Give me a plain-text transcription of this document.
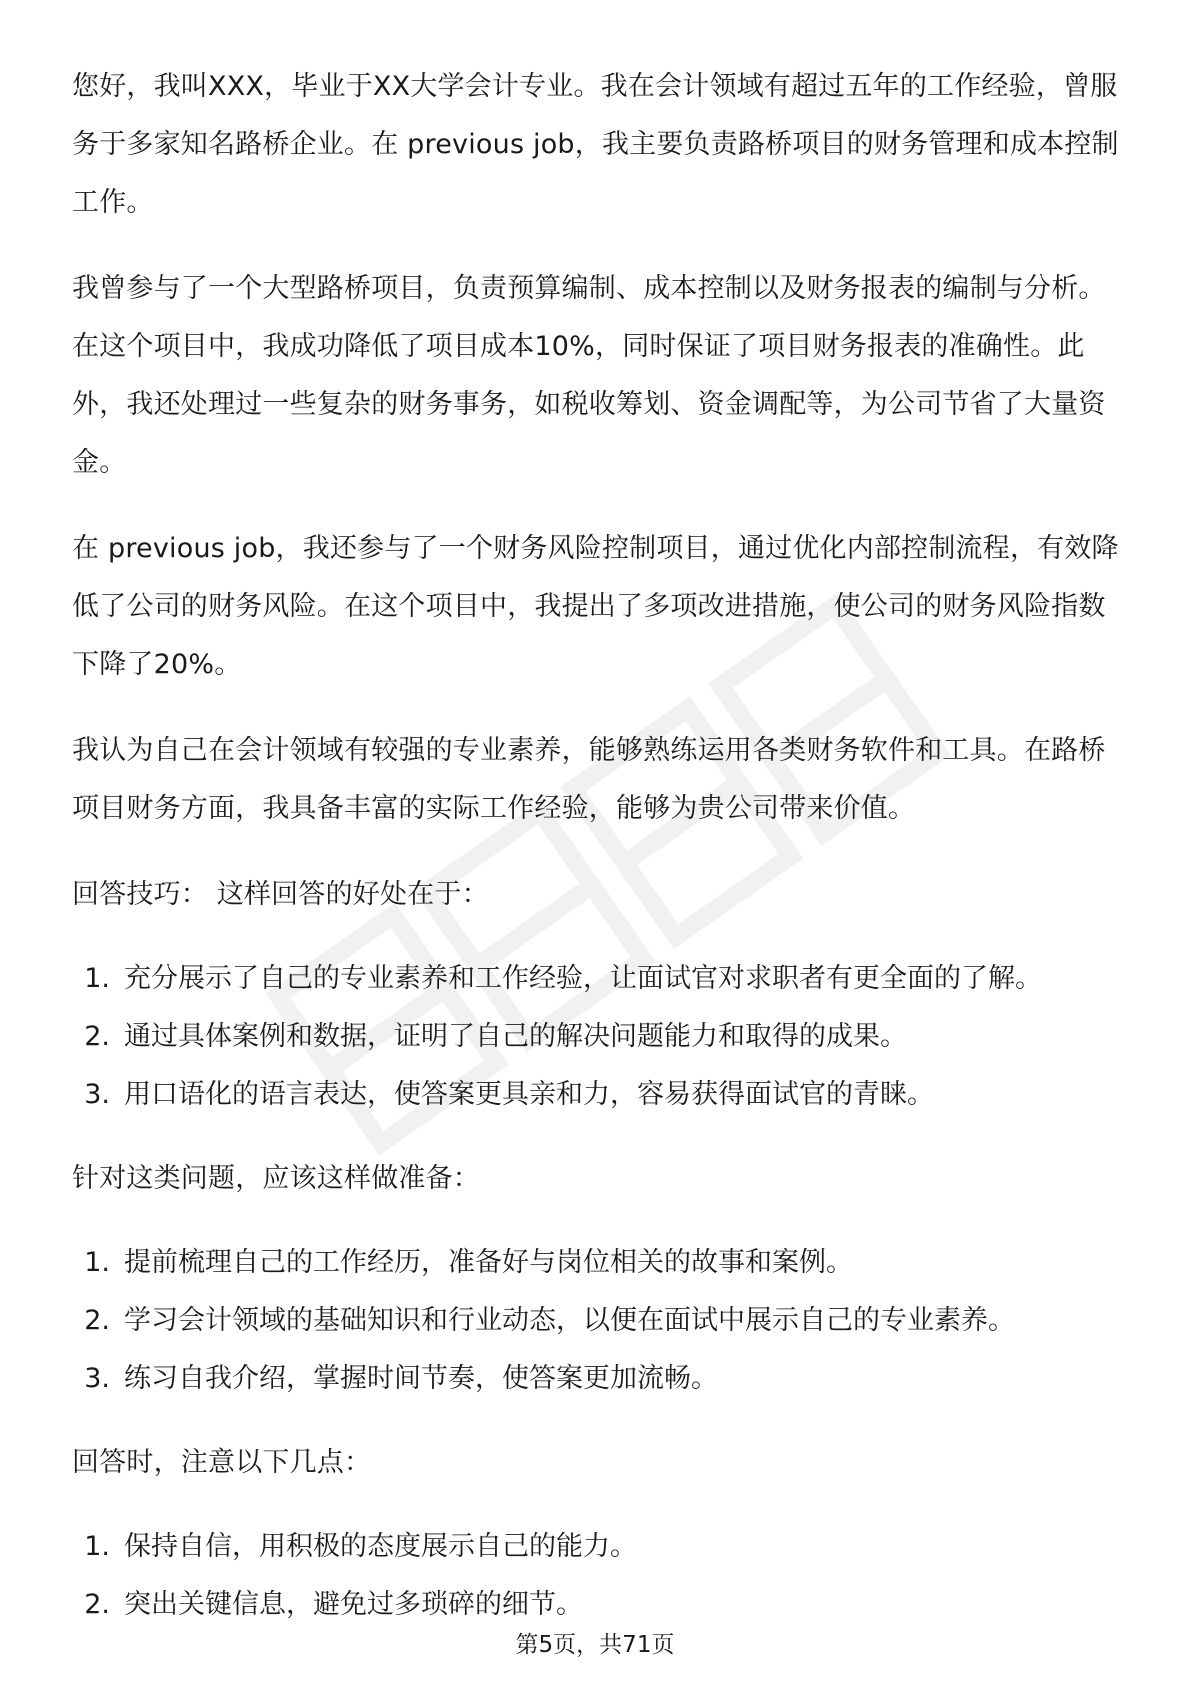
您好，我叫XXX，毕业于XX大学会计专业。我在会计领域有超过五年的工作经验，曾服务于多家知名路桥企业。在 previous job，我主要负责路桥项目的财务管理和成本控制工作。

我曾参与了一个大型路桥项目，负责预算编制、成本控制以及财务报表的编制与分析。在这个项目中，我成功降低了项目成本10%，同时保证了项目财务报表的准确性。此外，我还处理过一些复杂的财务事务，如税收筹划、资金调配等，为公司节省了大量资金。

在 previous job，我还参与了一个财务风险控制项目，通过优化内部控制流程，有效降低了公司的财务风险。在这个项目中，我提出了多项改进措施，使公司的财务风险指数下降了20%。

我认为自己在会计领域有较强的专业素养，能够熟练运用各类财务软件和工具。在路桥项目财务方面，我具备丰富的实际工作经验，能够为贵公司带来价值。

回答技巧： 这样回答的好处在于：

1. 充分展示了自己的专业素养和工作经验，让面试官对求职者有更全面的了解。
2. 通过具体案例和数据，证明了自己的解决问题能力和取得的成果。
3. 用口语化的语言表达，使答案更具亲和力，容易获得面试官的青睐。

针对这类问题，应该这样做准备：

1. 提前梳理自己的工作经历，准备好与岗位相关的故事和案例。
2. 学习会计领域的基础知识和行业动态，以便在面试中展示自己的专业素养。
3. 练习自我介绍，掌握时间节奏，使答案更加流畅。

回答时，注意以下几点：

1. 保持自信，用积极的态度展示自己的能力。
2. 突出关键信息，避免过多琐碎的细节。
第5页，共71页
